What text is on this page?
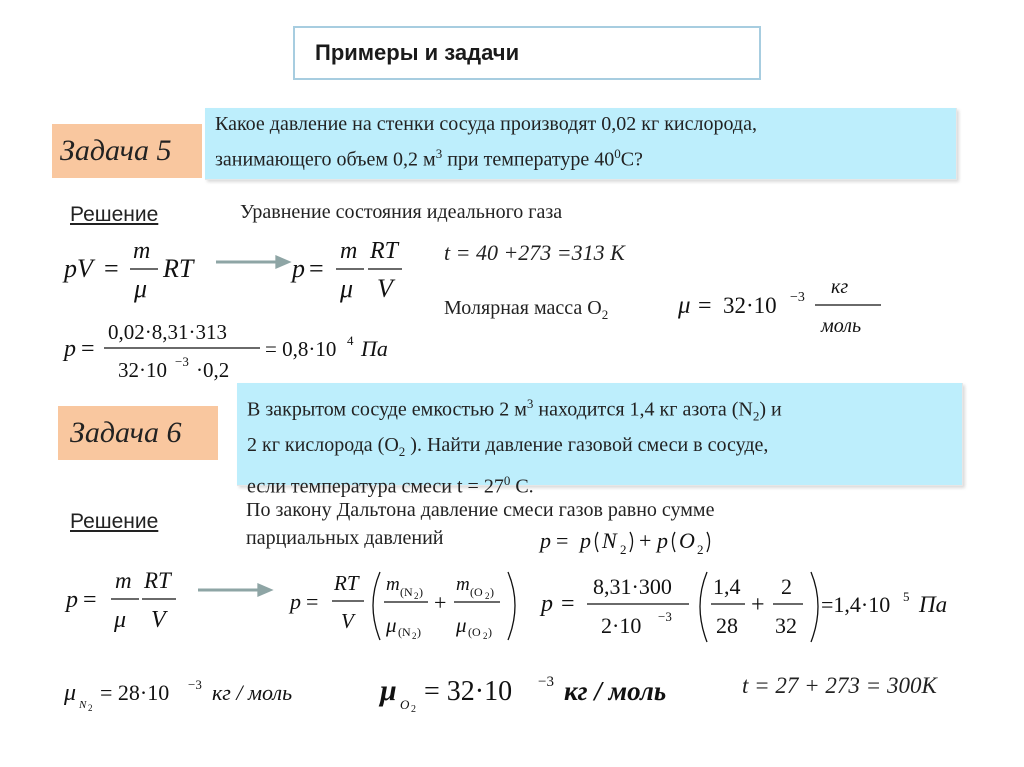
Примеры и задачи
Задача 5
Какое давление на стенки сосуда производят 0,02 кг кислорода,
занимающего объем 0,2 $м^3$ при температуре $40^0С$?
Решение	Уравнение состояния идеального газа
pV =
m
μ
RT	p =
m
μ
RT
V
t = 40 +273 =313 K
Молярная масса $O_2$	μ = 32·10 −3 кг
моль
p =
0,02·8,31·313
32·10 −3 ·0,2
= 0,8·10 4 Па
Задача 6
В закрытом сосуде емкостью 2 $м^3$ находится 1,4 кг азота $(N_2)$ и
2 кг кислорода ($O_2$ ). Найти давление газовой смеси в сосуде,
если температура смеси $t = 27^0$ С.
Решение	По закону Дальтона давление смеси газов равно сумме
парциальных давлений	p = p N 2 + p O 2
p =
m
μ
RT
V
p =
RT
V
m (N 2 )
μ (N 2 )
+
m (O 2 )
μ (O 2 )
p =
8,31·300
2·10 −3
1,4
28
+
2
32
=1,4·10 5 Па
μ N 2
= 28·10 −3 кг / моль	μ O 2
= 32·10 −3 кг / моль	t = 27 + 273 = 300K
